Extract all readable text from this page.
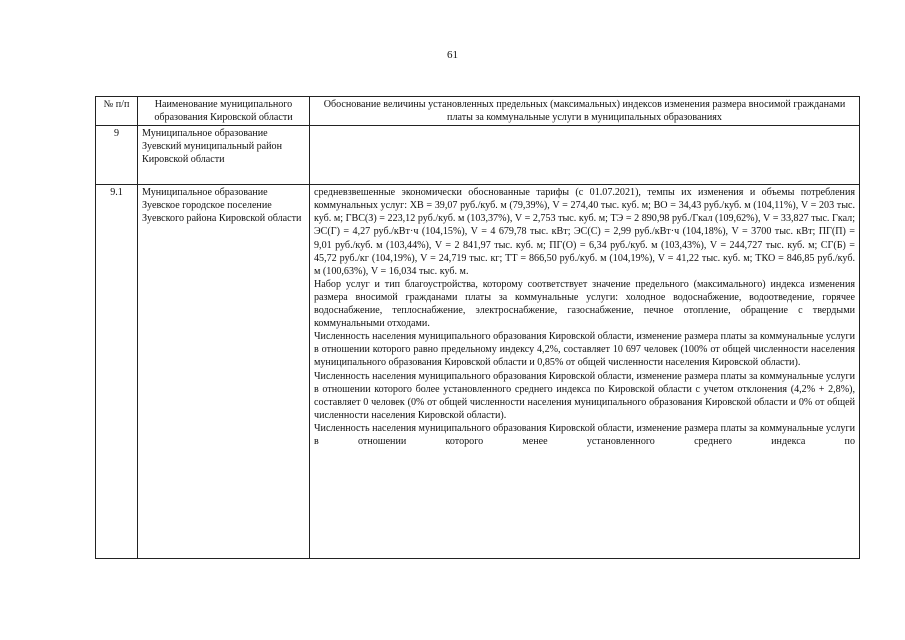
61
№ п/п	Наименование муниципального образования Кировской области	Обоснование величины установленных предельных (максимальных) индексов изменения размера вносимой гражданами платы за коммунальные услуги в муниципальных образованиях
9	Муниципальное образование Зуевский муниципальный район Кировской области	
9.1	Муниципальное образование Зуевское городское поселение Зуевского района Кировской области	средневзвешенные экономически обоснованные тарифы (с 01.07.2021), темпы их изменения и объемы потребления коммунальных услуг: ХВ = 39,07 руб./куб. м (79,39%), V = 274,40 тыс. куб. м; ВО = 34,43 руб./куб. м (104,11%), V = 203 тыс. куб. м; ГВС(З) = 223,12 руб./куб. м (103,37%), V = 2,753 тыс. куб. м; ТЭ = 2 890,98 руб./Гкал (109,62%), V = 33,827 тыс. Гкал; ЭС(Г) = 4,27 руб./кВт·ч (104,15%), V = 4 679,78 тыс. кВт; ЭС(С) = 2,99 руб./кВт·ч (104,18%), V = 3700 тыс. кВт; ПГ(П) = 9,01 руб./куб. м (103,44%), V = 2 841,97 тыс. куб. м; ПГ(О) = 6,34 руб./куб. м (103,43%), V = 244,727 тыс. куб. м; СГ(Б) = 45,72 руб./кг (104,19%), V = 24,719 тыс. кг; ТТ = 866,50 руб./куб. м (104,19%), V = 41,22 тыс. куб. м; ТКО = 846,85 руб./куб. м (100,63%), V = 16,034 тыс. куб. м.

Набор услуг и тип благоустройства, которому соответствует значение предельного (максимального) индекса изменения размера вносимой гражданами платы за коммунальные услуги: холодное водоснабжение, водоотведение, горячее водоснабжение, теплоснабжение, электроснабжение, газоснабжение, печное отопление, обращение с твердыми коммунальными отходами.

Численность населения муниципального образования Кировской области, изменение размера платы за коммунальные услуги в отношении которого равно предельному индексу 4,2%, составляет 10 697 человек (100% от общей численности населения муниципального образования Кировской области и 0,85% от общей численности населения Кировской области).

Численность населения муниципального образования Кировской области, изменение размера платы за коммунальные услуги в отношении которого более установленного среднего индекса по Кировской области с учетом отклонения (4,2% + 2,8%), составляет 0 человек (0% от общей численности населения муниципального образования Кировской области и 0% от общей численности населения Кировской области).

Численность населения муниципального образования Кировской области, изменение размера платы за коммунальные услуги в отношении которого менее установленного среднего индекса по
